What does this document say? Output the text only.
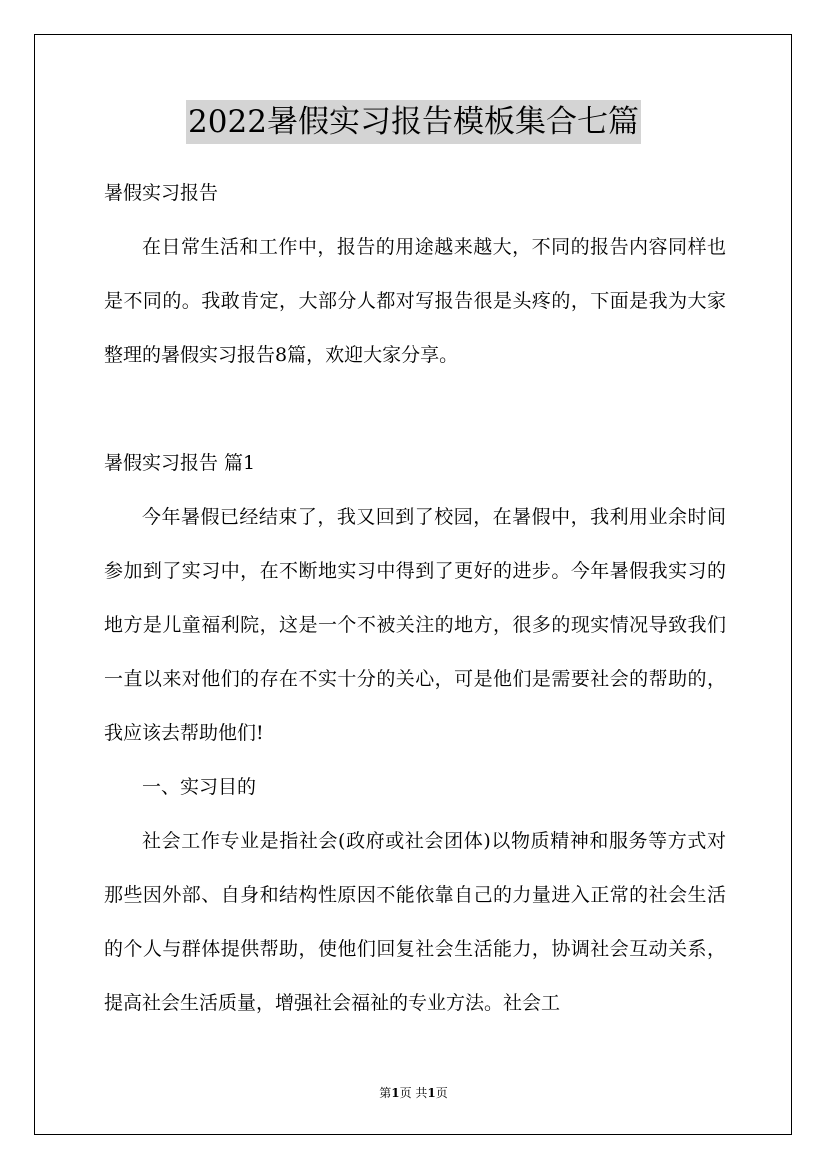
2022暑假实习报告模板集合七篇

暑假实习报告

在日常生活和工作中，报告的用途越来越大，不同的报告内容同样也是不同的。我敢肯定，大部分人都对写报告很是头疼的，下面是我为大家整理的暑假实习报告8篇，欢迎大家分享。

暑假实习报告 篇1

今年暑假已经结束了，我又回到了校园，在暑假中，我利用业余时间参加到了实习中，在不断地实习中得到了更好的进步。今年暑假我实习的地方是儿童福利院，这是一个不被关注的地方，很多的现实情况导致我们一直以来对他们的存在不实十分的关心，可是他们是需要社会的帮助的，我应该去帮助他们!

一、实习目的

社会工作专业是指社会(政府或社会团体)以物质精神和服务等方式对那些因外部、自身和结构性原因不能依靠自己的力量进入正常的社会生活的个人与群体提供帮助，使他们回复社会生活能力，协调社会互动关系，提高社会生活质量，增强社会福祉的专业方法。社会工

第1页 共1页
